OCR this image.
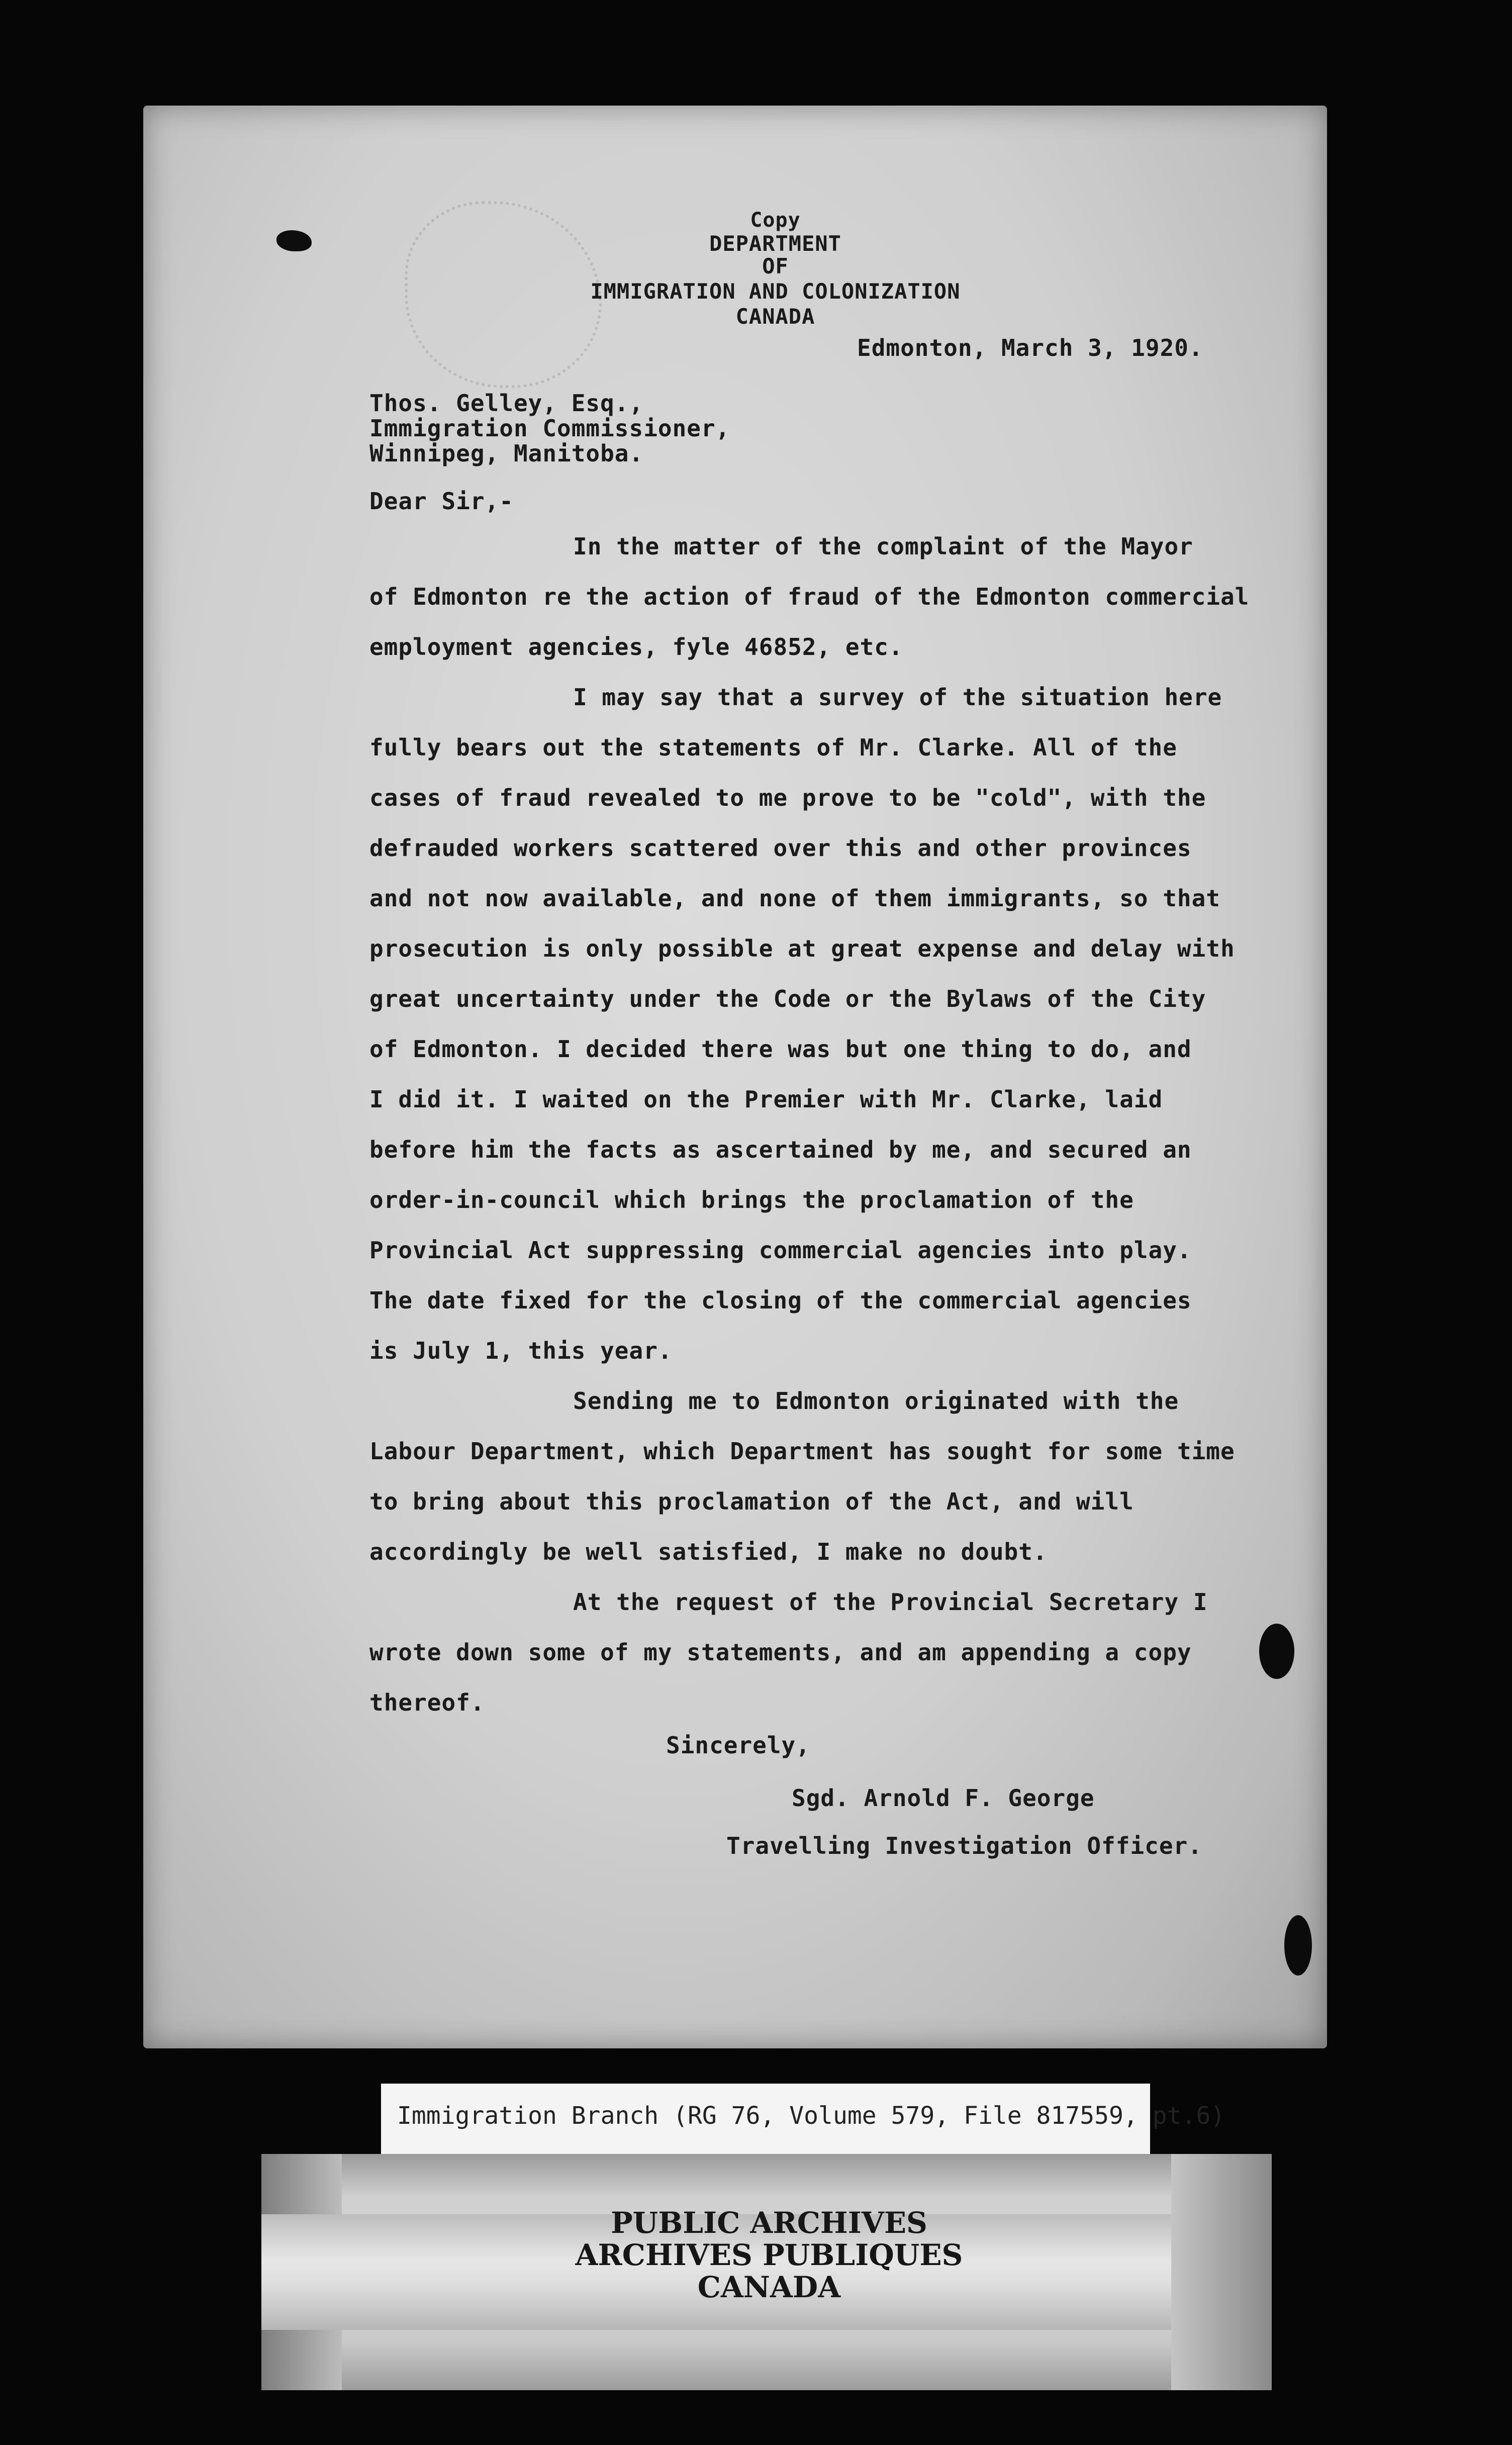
Copy
DEPARTMENT
OF
IMMIGRATION AND COLONIZATION
CANADA
Edmonton, March 3, 1920.
Thos. Gelley, Esq.,
Immigration Commissioner,
Winnipeg, Manitoba.
Dear Sir,-
In the matter of the complaint of the Mayor
of Edmonton re the action of fraud of the Edmonton commercial
employment agencies, fyle 46852, etc.
I may say that a survey of the situation here
fully bears out the statements of Mr. Clarke. All of the
cases of fraud revealed to me prove to be "cold", with the
defrauded workers scattered over this and other provinces
and not now available, and none of them immigrants, so that
prosecution is only possible at great expense and delay with
great uncertainty under the Code or the Bylaws of the City
of Edmonton. I decided there was but one thing to do, and
I did it. I waited on the Premier with Mr. Clarke, laid
before him the facts as ascertained by me, and secured an
order-in-council which brings the proclamation of the
Provincial Act suppressing commercial agencies into play.
The date fixed for the closing of the commercial agencies
is July 1, this year.
Sending me to Edmonton originated with the
Labour Department, which Department has sought for some time
to bring about this proclamation of the Act, and will
accordingly be well satisfied, I make no doubt.
At the request of the Provincial Secretary I
wrote down some of my statements, and am appending a copy
thereof.
Sincerely,
Sgd. Arnold F. George
Travelling Investigation Officer.
Immigration Branch (RG 76, Volume 579, File 817559, pt.6)
PUBLIC ARCHIVES
ARCHIVES PUBLIQUES
CANADA
